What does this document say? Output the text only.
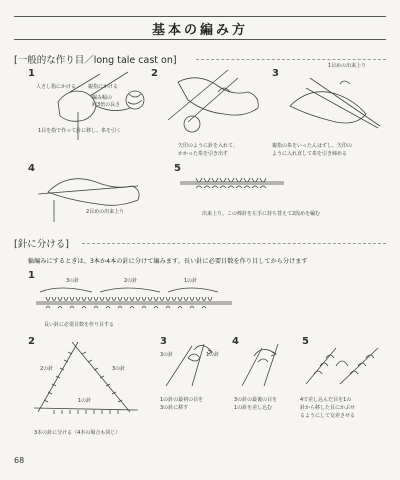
基本の編み方
[一般的な作り目／long tale cast on]
1	2	3
4	5
人さし指にかける 親指にかける
編み幅の
約3倍の長さ
1目を指で作って針に移し、糸を引く
矢印のように針を入れて、
かかった糸を引き出す
1目めの出来上り
親指の糸をいったんはずし、矢印の
ように入れ直して糸を引き締める
2目めの出来上り	出来上り。この棒針を左手に持ち替えて2段めを編む
[針に分ける]
輪編みにするときは、3本か4本の針に分けて編みます。長い針に必要目数を作り目してから分けます
1	3の針	2の針	1の針
長い針に必要目数を作り目する
2	3	4	5
2の針	3の針
1の針
3本の針に分ける（4本の場合も同じ）
3の針	1の針
1の針の最初の目を
3の針に移す
3の針の最後の目を
1の針を差し込む
4で差し込んだ目を1の
針から移した目にかぶせ
るようにして交差させる
68
